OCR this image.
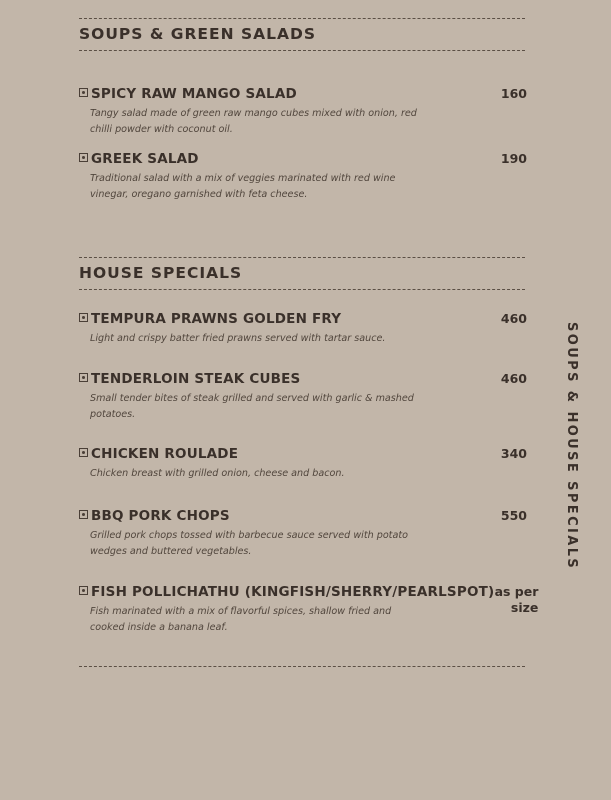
SOUPS & GREEN SALADS
SPICY RAW MANGO SALAD	160
Tangy salad made of green raw mango cubes mixed with onion, red chilli powder with coconut oil.
GREEK SALAD	190
Traditional salad with a mix of veggies marinated with red wine vinegar, oregano garnished with feta cheese.
HOUSE SPECIALS
TEMPURA PRAWNS GOLDEN FRY	460
Light and crispy batter fried prawns served with tartar sauce.
TENDERLOIN STEAK CUBES	460
Small tender bites of steak grilled and served with garlic & mashed potatoes.
CHICKEN ROULADE	340
Chicken breast with grilled onion, cheese and bacon.
BBQ PORK CHOPS	550
Grilled pork chops tossed with barbecue sauce served with potato wedges and buttered vegetables.
FISH POLLICHATHU (KINGFISH/SHERRY/PEARLSPOT) as per size
Fish marinated with a mix of flavorful spices, shallow fried and cooked inside a banana leaf.
SOUPS & HOUSE SPECIALS
